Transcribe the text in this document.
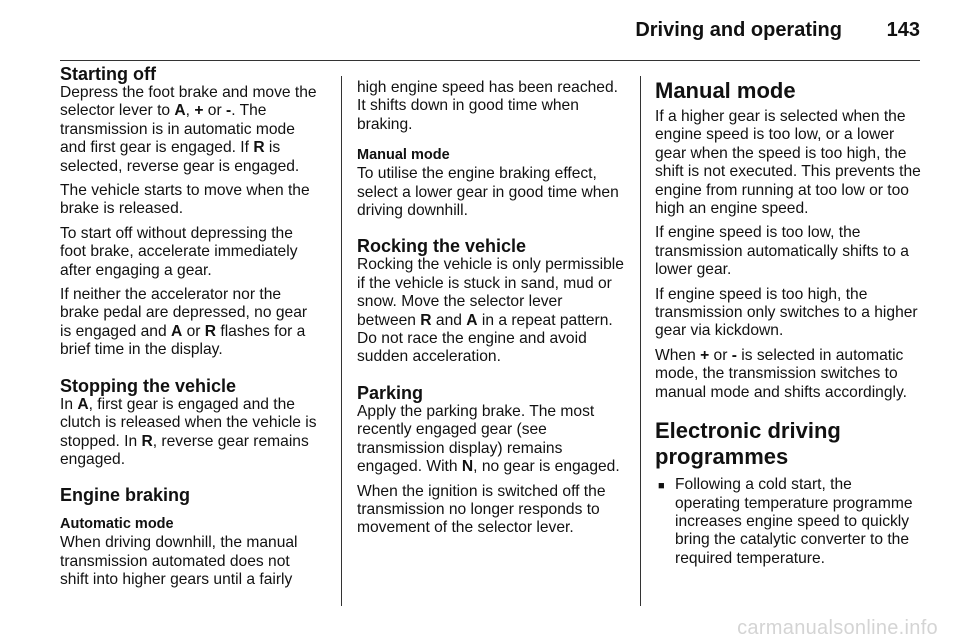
Driving and operating 143
Starting off

Depress the foot brake and move the selector lever to A, + or -. The transmission is in automatic mode and first gear is engaged. If R is selected, reverse gear is engaged.

The vehicle starts to move when the brake is released.

To start off without depressing the foot brake, accelerate immediately after engaging a gear.

If neither the accelerator nor the brake pedal are depressed, no gear is engaged and A or R flashes for a brief time in the display.

Stopping the vehicle

In A, first gear is engaged and the clutch is released when the vehicle is stopped. In R, reverse gear remains engaged.

Engine braking
Automatic mode

When driving downhill, the manual transmission automated does not shift into higher gears until a fairly

high engine speed has been reached. It shifts down in good time when braking.

Manual mode

To utilise the engine braking effect, select a lower gear in good time when driving downhill.

Rocking the vehicle

Rocking the vehicle is only permissible if the vehicle is stuck in sand, mud or snow. Move the selector lever between R and A in a repeat pattern. Do not race the engine and avoid sudden acceleration.

Parking

Apply the parking brake. The most recently engaged gear (see transmission display) remains engaged. With N, no gear is engaged.

When the ignition is switched off the transmission no longer responds to movement of the selector lever.

Manual mode

If a higher gear is selected when the engine speed is too low, or a lower gear when the speed is too high, the shift is not executed. This prevents the engine from running at too low or too high an engine speed.

If engine speed is too low, the transmission automatically shifts to a lower gear.

If engine speed is too high, the transmission only switches to a higher gear via kickdown.

When + or - is selected in automatic mode, the transmission switches to manual mode and shifts accordingly.

Electronic driving programmes
■ Following a cold start, the operating temperature programme increases engine speed to quickly bring the catalytic converter to the required temperature.
carmanualsonline.info
